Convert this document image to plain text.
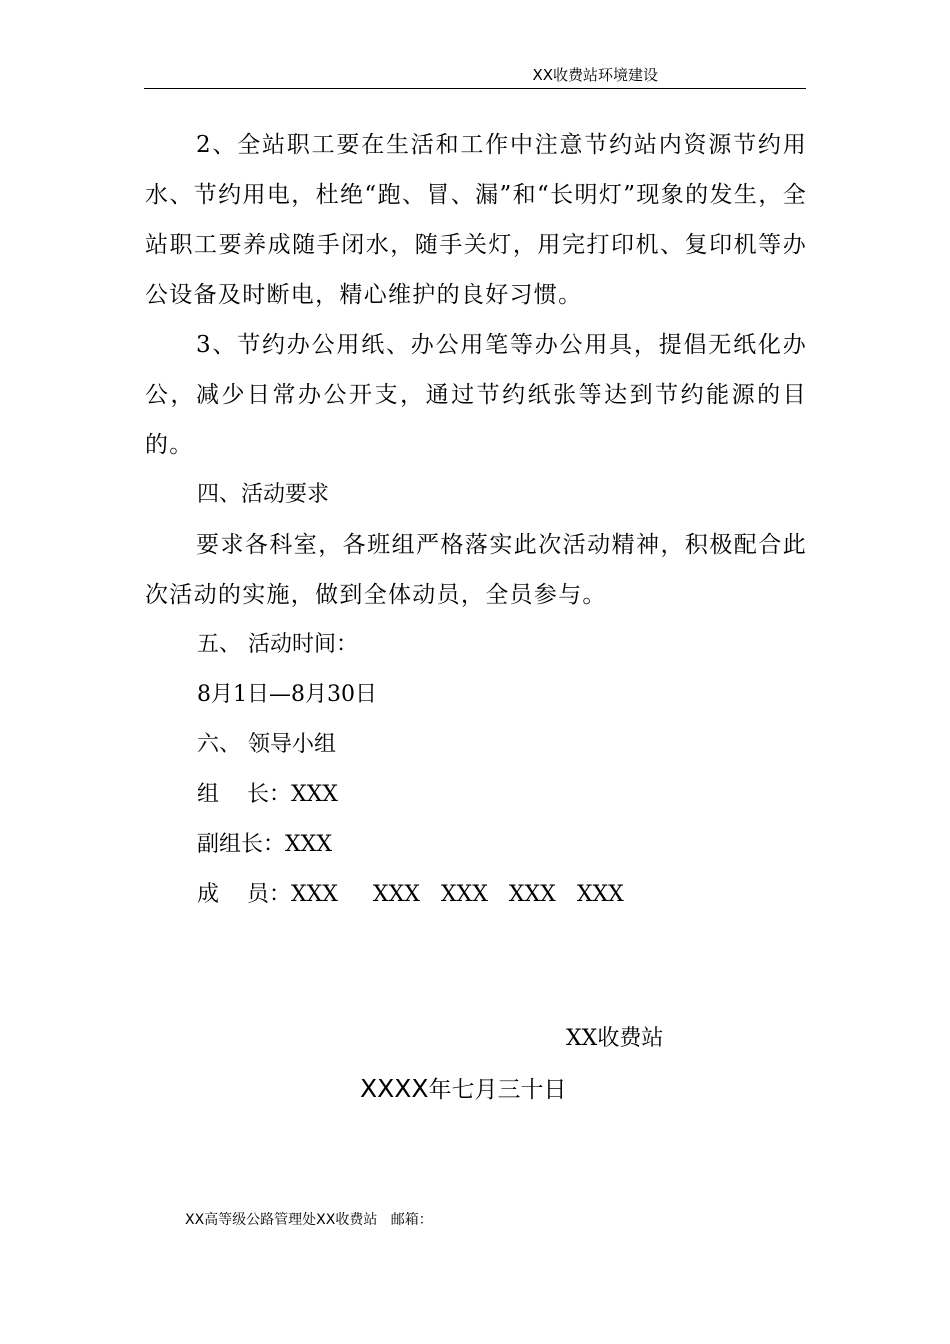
XX收费站环境建设

2、全站职工要在生活和工作中注意节约站内资源节约用水、节约用电，杜绝“跑、冒、漏”和“长明灯”现象的发生，全站职工要养成随手闭水，随手关灯，用完打印机、复印机等办公设备及时断电，精心维护的良好习惯。

3、节约办公用纸、办公用笔等办公用具，提倡无纸化办公，减少日常办公开支，通过节约纸张等达到节约能源的目的。

四、活动要求

要求各科室，各班组严格落实此次活动精神，积极配合此次活动的实施，做到全体动员，全员参与。

五、 活动时间：

8月1日—8月30日

六、 领导小组

组    长：XXX

副组长：XXX

成    员：XXX     XXX   XXX   XXX   XXX

XX收费站
XXXX年七月三十日
XX高等级公路管理处XX收费站   邮箱：
